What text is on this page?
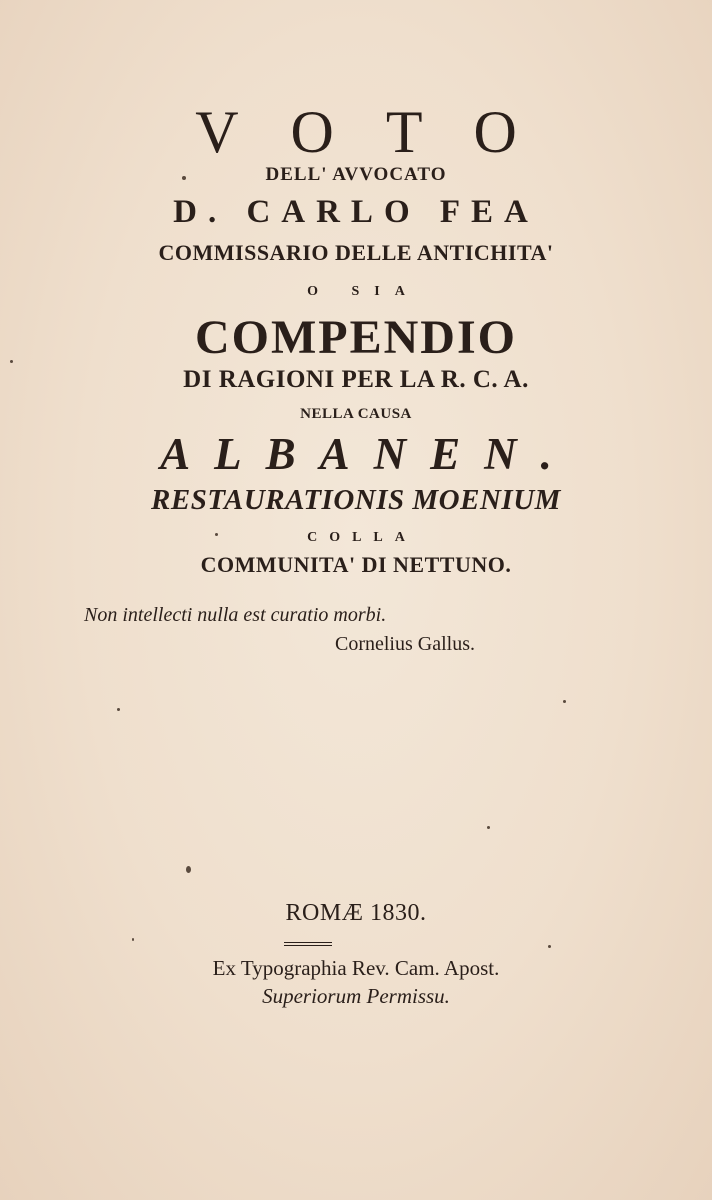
VOTO
DELL' AVVOCATO
D. CARLO FEA
COMMISSARIO DELLE ANTICHITA'
O SIA
COMPENDIO
DI RAGIONI PER LA R. C. A.
NELLA CAUSA
ALBANEN.
RESTAURATIONIS MOENIUM
COLLA
COMMUNITA' DI NETTUNO.
Non intellecti nulla est curatio morbi.
Cornelius Gallus.
ROMÆ 1830.
Ex Typographia Rev. Cam. Apost.
Superiorum Permissu.
